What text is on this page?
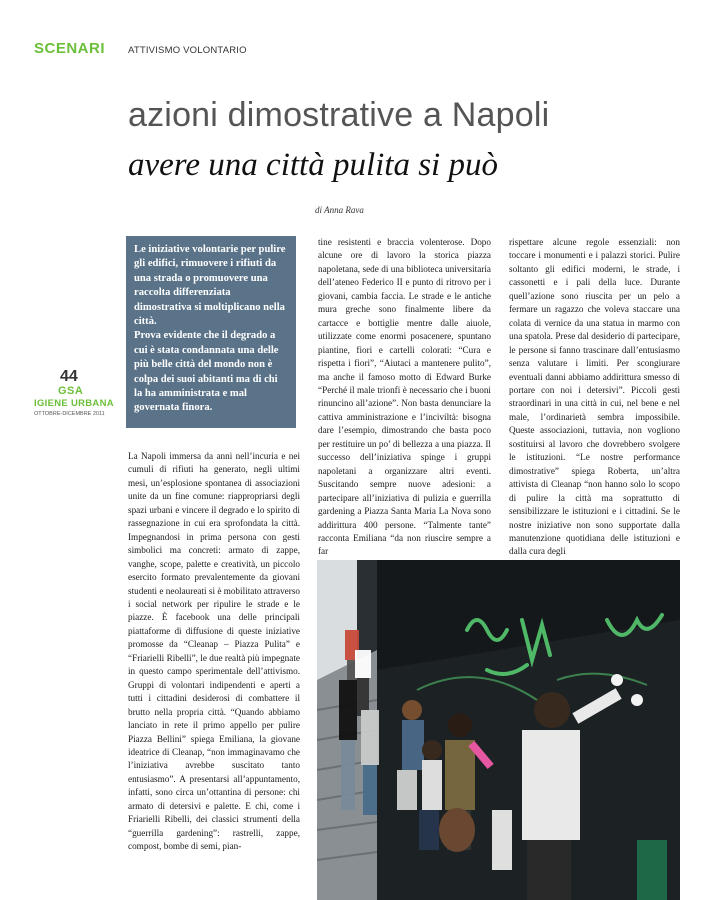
SCENARI ATTIVISMO VOLONTARIO
azioni dimostrative a Napoli
avere una città pulita si può
di Anna Rava
44
GSA
IGIENE URBANA
OTTOBRE-DICEMBRE 2011

Le iniziative volontarie per pulire gli edifici, rimuovere i rifiuti da una strada o promuovere una raccolta differenziata dimostrativa si moltiplicano nella città.

Prova evidente che il degrado a cui è stata condannata una delle più belle città del mondo non è colpa dei suoi abitanti ma di chi la ha amministrata e mal governata finora.

La Napoli immersa da anni nell’incuria e nei cumuli di rifiuti ha generato, negli ultimi mesi, un’esplosione spontanea di associazioni unite da un fine comune: riappropriarsi degli spazi urbani e vincere il degrado e lo spirito di rassegnazione in cui era sprofondata la città. Impegnandosi in prima persona con gesti simbolici ma concreti: armato di zappe, vanghe, scope, palette e creatività, un piccolo esercito formato prevalentemente da giovani studenti e neolaureati si è mobilitato attraverso i social network per ripulire le strade e le piazze. È facebook una delle principali piattaforme di diffusione di queste iniziative promosse da “Cleanap – Piazza Pulita” e “Friarielli Ribelli”, le due realtà più impegnate in questo campo sperimentale dell’attivismo. Gruppi di volontari indipendenti e aperti a tutti i cittadini desiderosi di combattere il brutto nella propria città. “Quando abbiamo lanciato in rete il primo appello per pulire Piazza Bellini” spiega Emiliana, la giovane ideatrice di Cleanap, “non immaginavamo che l’iniziativa avrebbe suscitato tanto entusiasmo”. A presentarsi all’appuntamento, infatti, sono circa un’ottantina di persone: chi armato di detersivi e palette. E chi, come i Friarielli Ribelli, dei classici strumenti della “guerrilla gardening”: rastrelli, zappe, compost, bombe di semi, pian-

tine resistenti e braccia volenterose. Dopo alcune ore di lavoro la storica piazza napoletana, sede di una biblioteca universitaria dell’ateneo Federico II e punto di ritrovo per i giovani, cambia faccia. Le strade e le antiche mura greche sono finalmente libere da cartacce e bottiglie mentre dalle aiuole, utilizzate come enormi posacenere, spuntano piantine, fiori e cartelli colorati: “Cura e rispetta i fiori”, “Aiutaci a mantenere pulito”, ma anche il famoso motto di Edward Burke “Perché il male trionfi è necessario che i buoni rinuncino all’azione”. Non basta denunciare la cattiva amministrazione e l’inciviltà: bisogna dare l’esempio, dimostrando che basta poco per restituire un po’ di bellezza a una piazza. Il successo dell’iniziativa spinge i gruppi napoletani a organizzare altri eventi. Suscitando sempre nuove adesioni: a partecipare all’iniziativa di pulizia e guerrilla gardening a Piazza Santa Maria La Nova sono addirittura 400 persone. “Talmente tante” racconta Emiliana “da non riuscire sempre a far

rispettare alcune regole essenziali: non toccare i monumenti e i palazzi storici. Pulire soltanto gli edifici moderni, le strade, i cassonetti e i pali della luce. Durante quell’azione sono riuscita per un pelo a fermare un ragazzo che voleva staccare una colata di vernice da una statua in marmo con una spatola. Prese dal desiderio di partecipare, le persone si fanno trascinare dall’entusiasmo senza valutare i limiti. Per scongiurare eventuali danni abbiamo addirittura smesso di portare con noi i detersivi”. Piccoli gesti straordinari in una città in cui, nel bene e nel male, l’ordinarietà sembra impossibile. Queste associazioni, tuttavia, non vogliono sostituirsi al lavoro che dovrebbero svolgere le istituzioni. “Le nostre performance dimostrative” spiega Roberta, un’altra attivista di Cleanap “non hanno solo lo scopo di pulire la città ma soprattutto di sensibilizzare le istituzioni e i cittadini. Se le nostre iniziative non sono supportate dalla manutenzione quotidiana delle istituzioni e dalla cura degli
